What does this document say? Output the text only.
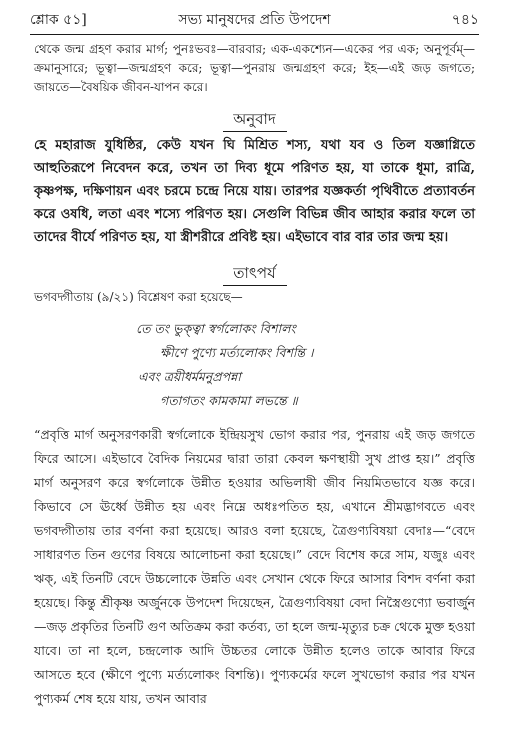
শ্লোক ৫১]	সভ্য মানুষদের প্রতি উপদেশ	৭৪১

থেকে জন্ম গ্রহণ করার মার্গ; পুনঃভবঃ—বারবার; এক-একশ্যেন—একের পর এক; অনুপূর্বম্—ক্রমানুসারে; ভূত্বা—জন্মগ্রহণ করে; ভূত্বা—পুনরায় জন্মগ্রহণ করে; ইহ—এই জড় জগতে; জায়তে—বৈষয়িক জীবন-যাপন করে।

অনুবাদ

হে মহারাজ যুধিষ্ঠির, কেউ যখন ঘি মিশ্রিত শস্য, যথা যব ও তিল যজ্ঞাগ্নিতে আহুতিরূপে নিবেদন করে, তখন তা দিব্য ধূমে পরিণত হয়, যা তাকে ধূমা, রাত্রি, কৃষ্ণপক্ষ, দক্ষিণায়ন এবং চরমে চন্দ্রে নিয়ে যায়। তারপর যজ্ঞকর্তা পৃথিবীতে প্রত্যাবর্তন করে ওষধি, লতা এবং শস্যে পরিণত হয়। সেগুলি বিভিন্ন জীব আহার করার ফলে তা তাদের বীর্যে পরিণত হয়, যা স্ত্রীশরীরে প্রবিষ্ট হয়। এইভাবে বার বার তার জন্ম হয়।

তাৎপর্য

ভগবদ্গীতায় (৯/২১) বিশ্লেষণ করা হয়েছে—

তে তং ভুক্ত্বা স্বর্গলোকং বিশালং
ক্ষীণে পুণ্যে মর্ত্যলোকং বিশন্তি ।
এবং ত্রয়ীধর্মমনুপ্রপন্না
গতাগতং কামকামা লভন্তে ॥

“প্রবৃত্তি মার্গ অনুসরণকারী স্বর্গলোকে ইন্দ্রিয়সুখ ভোগ করার পর, পুনরায় এই জড় জগতে ফিরে আসে। এইভাবে বৈদিক নিয়মের দ্বারা তারা কেবল ক্ষণস্থায়ী সুখ প্রাপ্ত হয়।” প্রবৃত্তি মার্গ অনুসরণ করে স্বর্গলোকে উন্নীত হওয়ার অভিলাষী জীব নিয়মিতভাবে যজ্ঞ করে। কিভাবে সে ঊর্ধ্বে উন্নীত হয় এবং নিম্নে অধঃপতিত হয়, এখানে শ্রীমদ্ভাগবতে এবং ভগবদ্গীতায় তার বর্ণনা করা হয়েছে। আরও বলা হয়েছে, ত্রৈগুণ্যবিষয়া বেদাঃ—“বেদে সাধারণত তিন গুণের বিষয়ে আলোচনা করা হয়েছে।” বেদে বিশেষ করে সাম, যজুঃ এবং ঋক্, এই তিনটি বেদে উচ্চলোকে উন্নতি এবং সেখান থেকে ফিরে আসার বিশদ বর্ণনা করা হয়েছে। কিন্তু শ্রীকৃষ্ণ অর্জুনকে উপদেশ দিয়েছেন, ত্রৈগুণ্যবিষয়া বেদা নিস্ত্রৈগুণ্যো ভবার্জুন—জড় প্রকৃতির তিনটি গুণ অতিক্রম করা কর্তব্য, তা হলে জন্ম-মৃত্যুর চক্র থেকে মুক্ত হওয়া যাবে। তা না হলে, চন্দ্রলোক আদি উচ্চতর লোকে উন্নীত হলেও তাকে আবার ফিরে আসতে হবে (ক্ষীণে পুণ্যে মর্ত্যলোকং বিশন্তি)। পুণ্যকর্মের ফলে সুখভোগ করার পর যখন পুণ্যকর্ম শেষ হয়ে যায়, তখন আবার
